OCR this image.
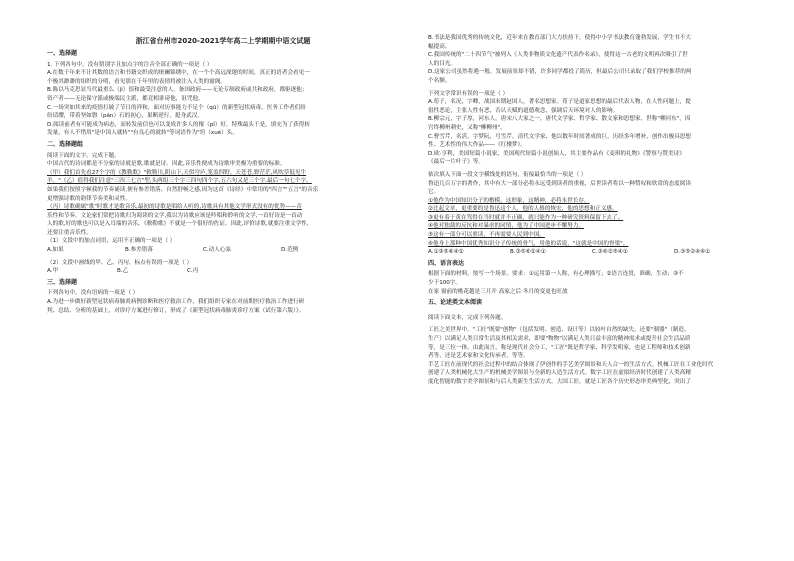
浙江省台州市2020-2021学年高二上学期期中语文试题

一、选择题

1. 下列各句中，没有错别字且加点字的注音全部正确的一项是（ ）

A.在数千年来不计其数的语言和书籍交织成的斑斓锦绣中，在一个个高远深邃的时间，真正的语者会看见一

个极其渺渺的组织的分明，看见那在千年里的表情将被注入人类的窗阁。

B.陈以马克思显当代最重么（jì）很和最受注意的人。备国政府——无论专制政府或共和政府，都驱逐他；

资产者——无论保守派或极端民主派，都竞相诽谤他，诅咒他。

C.一场突如其来的疫情打破了节日的祥和，面对历事能力不足个（qū）的新型冠状病毒，医务工作者们纷

纷请缨，带着坚如磐（pán）石的初心，果断逆行，挺身武汉。

D.阅读前者有可能成为病态，而转发前信也可以变成许多人的罹（pǐ）好，特殊最头千是，填充为了获得转

发量，有人不惜用"是中国人就转""有良心的就转"等词语作为"窍（xué）头。

二、选择题组

阅读下面的文字，完成下题。

中国古代的诗词都是不分家的诗就是歌,歌就是诗。因此,音乐性便成为诗歌审美极为重要的标准。

（甲）我们首先看27个字的《教勒歌》"敕勒川,阴山下,天似穹庐,笼盖四野。天苍苍,野茫茫,风吹草低见牛

羊。"（乙）值得我们注意"三四三七言"型,头两组三个字三四句四个字,五六句又是三个字,最后一句七个字。

如果我们按照字顿我的节奏诵读,便有参差错落、自然舒畅之感,因为这首《诗经》中常用的"四言""五言"的音乐

更增强诗歌的韵律节奏美和灵性。

（丙）诗歌确属"歌"时歌才是歌音乐,最初的诗歌是唱给人听的,诗歌具有其他文学形式没有的优势——音

乐性和节奏。文论家们常把诗歌归为阅读的文学,我以为诗歌应该是吟唱和聆听的文学,一首好诗是一首动

人的歌,好的歌也可以是入耳端的音乐。《敕勒歌》不就是一个很好的佐证。因此,评价诗歌,就要注重文学性,

还要注重音乐性。

（1）文段中的加点词语，运用不正确的一项是（ ）

A.如果	B.参差错落	C.动人心弦	D.范例

（2）文段中画线的甲、乙、丙句，标点有误的一项是（ ）

A.甲	B.乙	C.丙

三、选择题

下列各句中，没有语病的一项是（ ）

A.为进一步做好新型冠状病毒肺炎病例诊断和医疗救治工作，我们组织专家在对前期医疗救治工作进行研

判、总结、分析的基础上，对诊疗方案进行修订，形成了《新型冠状病毒肺炎诊疗方案（试行第六版）》。

B.书法是我国优秀的传统文化，近年来在教育部门大力扶持下，使得中小学书法教育蓬勃发展，学生书不大

幅提高。

C.我国传统的"二十四节气"被列入《人类非物质文化遗产代表作名录》，使得这一古老的文明再次吸引了世

人的目光。

D.这家公司虽然将遇一般，发展前景却不错，许多同学都投了简历，但最后公司只录取了我们学校推荐的两

个名额。

下列文学常识有误的一项是（ ）

A.荀子，名况，字卿，战国末期赵国人，著名思想家。荀子是道家思想的最后代表人物，在人性问题上，提

倡性恶论，主张人性有恶，否认天赋的道德观念，强调后天环境对人的影响。

B.柳宗元，字子厚，河东人，唐宋八大家之一，唐代文学家、哲学家、散文家和思想家，世称"柳河东"，因

官终柳州刺史，又称"柳柳州"。

C.曹雪芹，名霑，字梦阮，号雪芹，清代文学家，他以数年时间著成的巨，历经多年增补，创作出极具思想

性、艺术性的伟大作品——《红楼梦》。

D.欧·亨利，美国短篇小说家，美国现代短篇小说创始人，其主要作品有《麦琪的礼物》《警察与赞美诗》

《最后一片叶子》等。

依次填入下面一段文字横线处的语句，衔接最恰当的一项是（ ）

鲁迅几百万字的著作，其中有大一部分必将永远受到读者的重视，后世读者将以一种赞叹和欣赏的态度阅读

它。

①他作为中国知识分子的楷模，这形象，这精神，必将永世长存。

②比起文章，更重要的是鲁迅这个人，他的人格的恢宏，他的思想和正义感。

③更有着于黄在骂得在当时就并不正确，就只能作为一种研究资料保留下去了。

④他对独裁的反抗和对暴虐的同情，他为了中国进步不懈努力。

⑤这有一部分可以重读，不再需要人民到中国。

⑥他身上那种中国优秀知识分子传统的骨气，用他的话说，"这就是中国的脊梁"。

A.①③⑤⑥④②	B.③⑤⑥②④①	C.③⑥②⑤④①	D.③⑤②④⑥①

四、语言表达

根据下面的材料，按写一个场景。要求：①运用第一人称，有心理描写；②语言连贯，准确，生动；③不

少于100字。

在家 窗前的桃花越是三月开 高家之后 冬月的变更也旺放

五、论述类文本阅读

阅读下面文本，完成下列各题。

工匠之美世界中，"工匠"既要"创物"（包括发明、创造、设计等）以较叶自然的缺失，还要"制器"（制造、

生产）以满足人类日常生活及其相关需求，即要"物物"以满足人类日益丰富的精神需求或提升社会生活品质

等，是三位一体，由此而言，称是现代社会分工，"工匠"既是哲学家、科学发明家，也是工程师和技术创新

者等，还是艺术家和文化传承者，等等。

手艺工匠在前现代的社会过程中的结合体现了伊创作的手艺美学图景和天人合一的生活方式。机械工匠在工业化时代

创建了人类机械化大生产的机械美学图景与全新的人造生活方式。数字工匠在虚拟经济时代创建了人类高精

度化智能的数字美学图景和与后人类新生生活方式。大国工匠，就是工匠各个历史形态审美典型化，突出了
